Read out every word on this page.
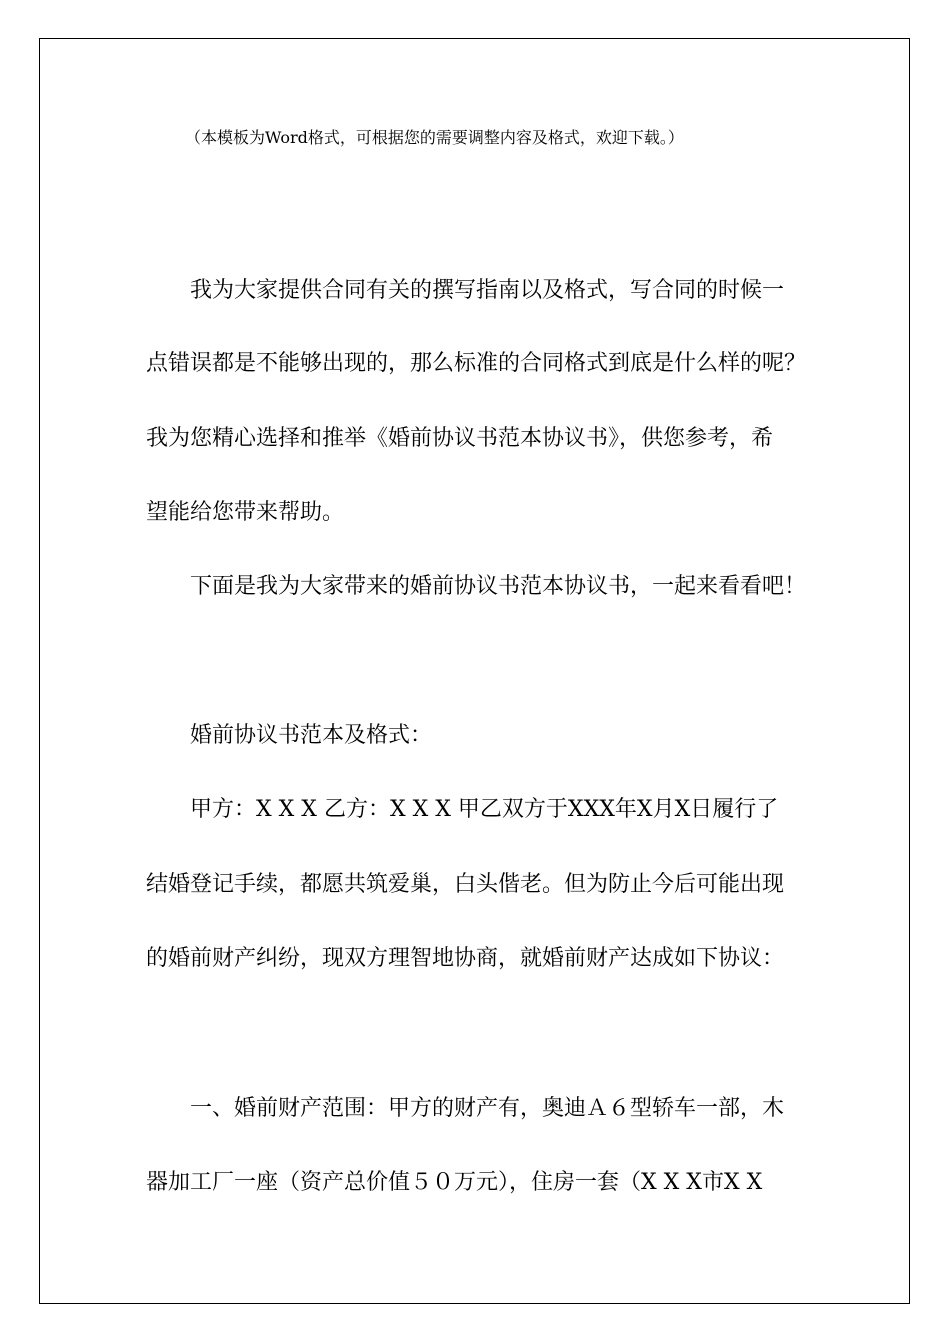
（本模板为Word格式，可根据您的需要调整内容及格式，欢迎下载。）

我为大家提供合同有关的撰写指南以及格式，写合同的时候一

点错误都是不能够出现的，那么标准的合同格式到底是什么样的呢？

我为您精心选择和推举《婚前协议书范本协议书》，供您参考，希

望能给您带来帮助。

下面是我为大家带来的婚前协议书范本协议书，一起来看看吧！

婚前协议书范本及格式：

甲方：X X X 乙方：X X X 甲乙双方于XXX年X月X日履行了

结婚登记手续，都愿共筑爱巢，白头偕老。但为防止今后可能出现

的婚前财产纠纷，现双方理智地协商，就婚前财产达成如下协议：

一、婚前财产范围：甲方的财产有，奥迪Ａ６型轿车一部，木

器加工厂一座（资产总价值５０万元），住房一套（X X X市X X
